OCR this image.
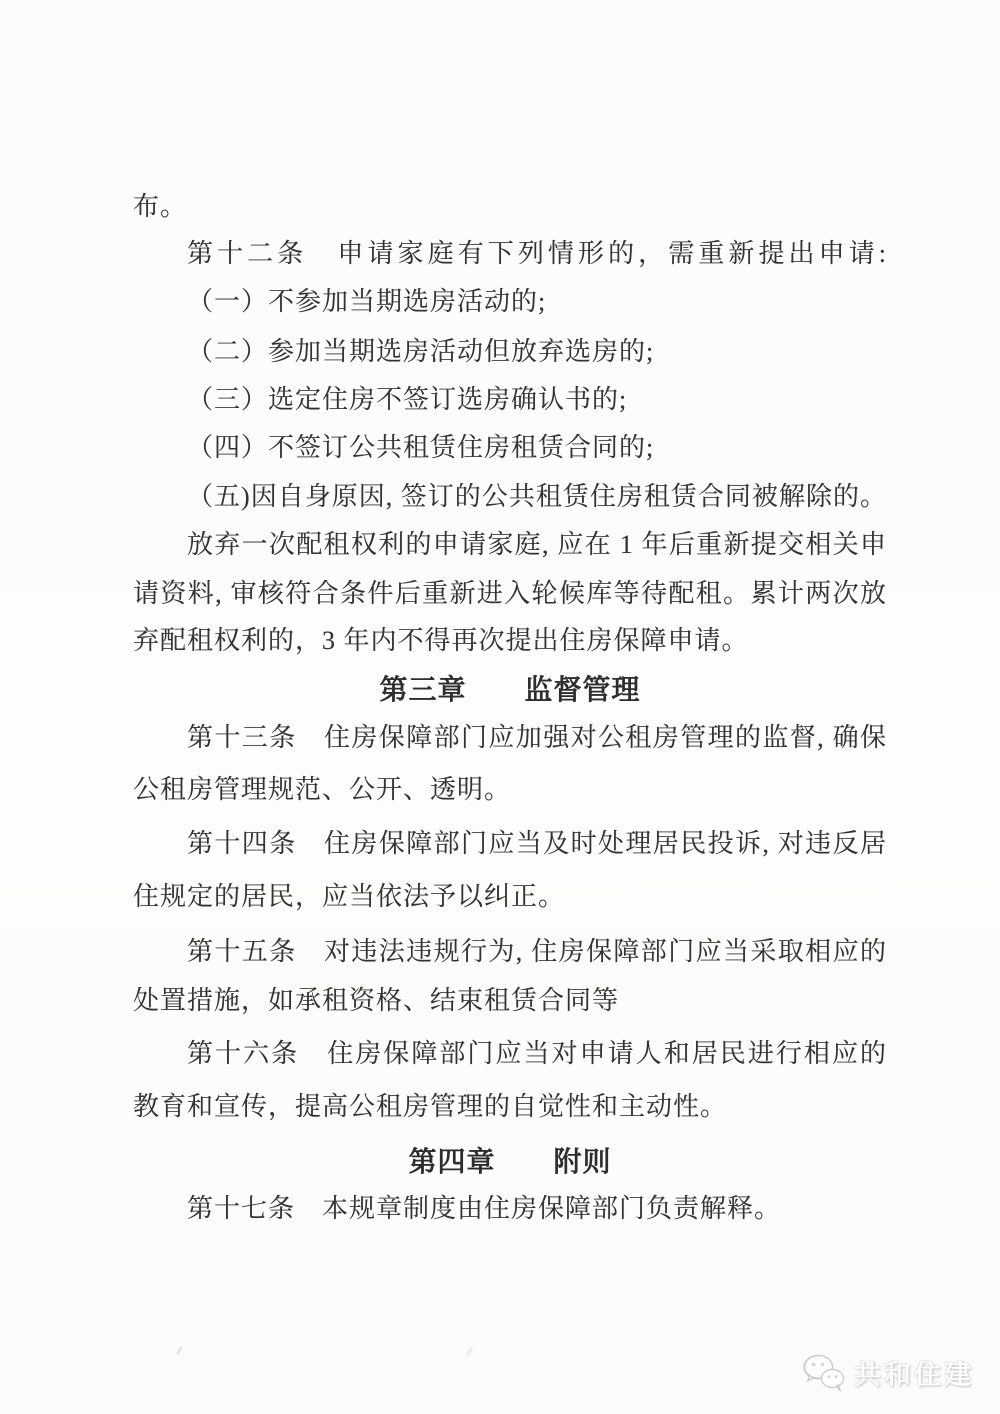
布。
第十二条　申请家庭有下列情形的，需重新提出申请:
（一）不参加当期选房活动的;
（二）参加当期选房活动但放弃选房的;
（三）选定住房不签订选房确认书的;
（四）不签订公共租赁住房租赁合同的;
（五)因自身原因, 签订的公共租赁住房租赁合同被解除的。
放弃一次配租权利的申请家庭, 应在 1 年后重新提交相关申
请资料, 审核符合条件后重新进入轮候库等待配租。累计两次放
弃配租权利的，3 年内不得再次提出住房保障申请。
第三章　　监督管理
第十三条　住房保障部门应加强对公租房管理的监督, 确保
公租房管理规范、公开、透明。
第十四条　住房保障部门应当及时处理居民投诉, 对违反居
住规定的居民，应当依法予以纠正。
第十五条　对违法违规行为, 住房保障部门应当采取相应的
处置措施，如承租资格、结束租赁合同等
第十六条　住房保障部门应当对申请人和居民进行相应的
教育和宣传，提高公租房管理的自觉性和主动性。
第四章　　附则
第十七条　本规章制度由住房保障部门负责解释。
共和住建
